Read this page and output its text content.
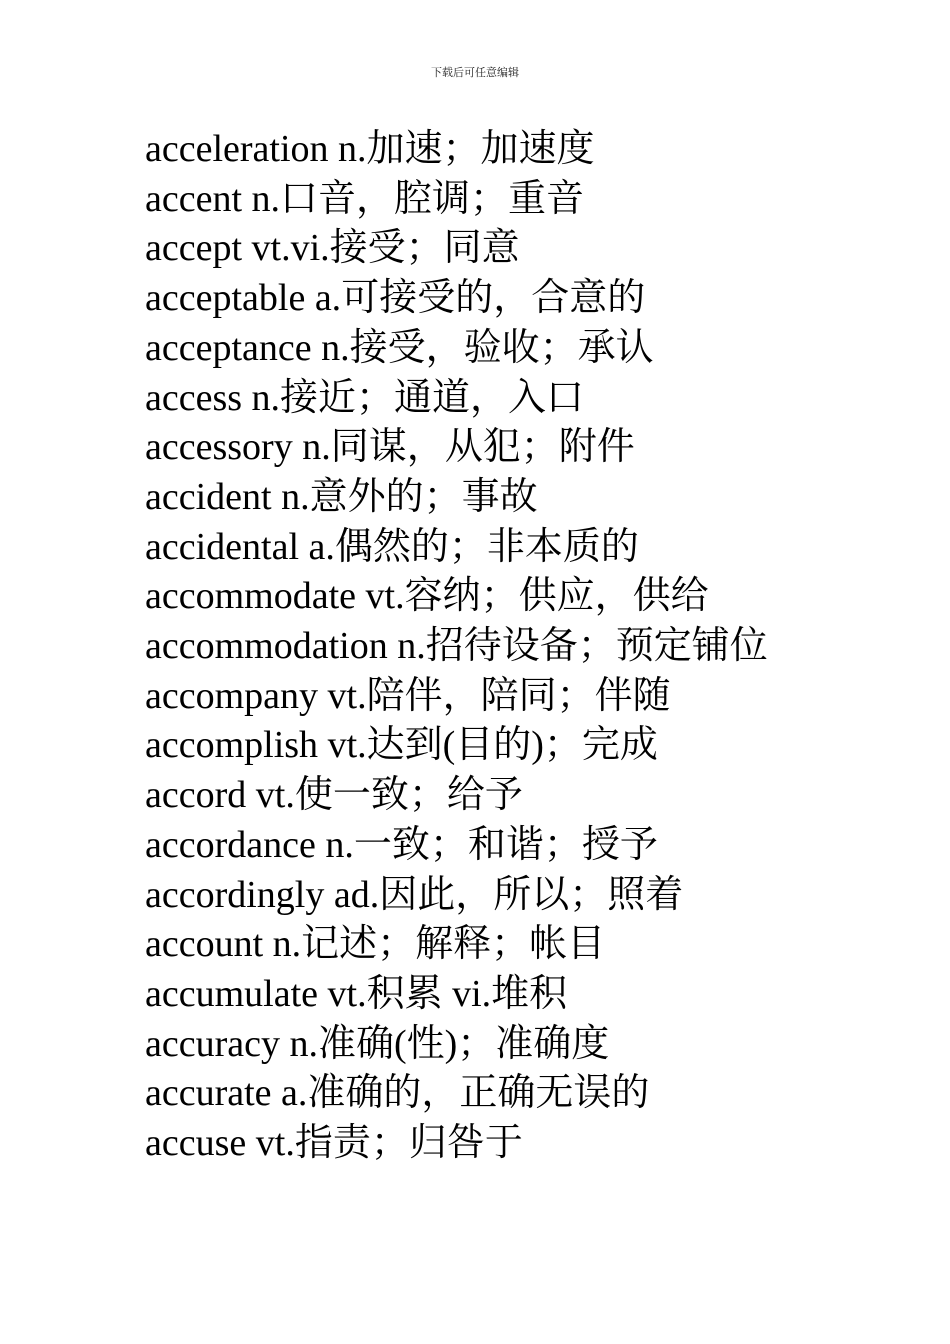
下载后可任意编辑
acceleration n.加速；加速度
accent n.口音，腔调；重音
accept vt.vi.接受；同意
acceptable a.可接受的，合意的
acceptance n.接受，验收；承认
access n.接近；通道，入口
accessory n.同谋，从犯；附件
accident n.意外的；事故
accidental a.偶然的；非本质的
accommodate vt.容纳；供应，供给
accommodation n.招待设备；预定铺位
accompany vt.陪伴，陪同；伴随
accomplish vt.达到(目的)；完成
accord vt.使一致；给予
accordance n.一致；和谐；授予
accordingly ad.因此，所以；照着
account n.记述；解释；帐目
accumulate vt.积累 vi.堆积
accuracy n.准确(性)；准确度
accurate a.准确的，正确无误的
accuse vt.指责；归咎于
